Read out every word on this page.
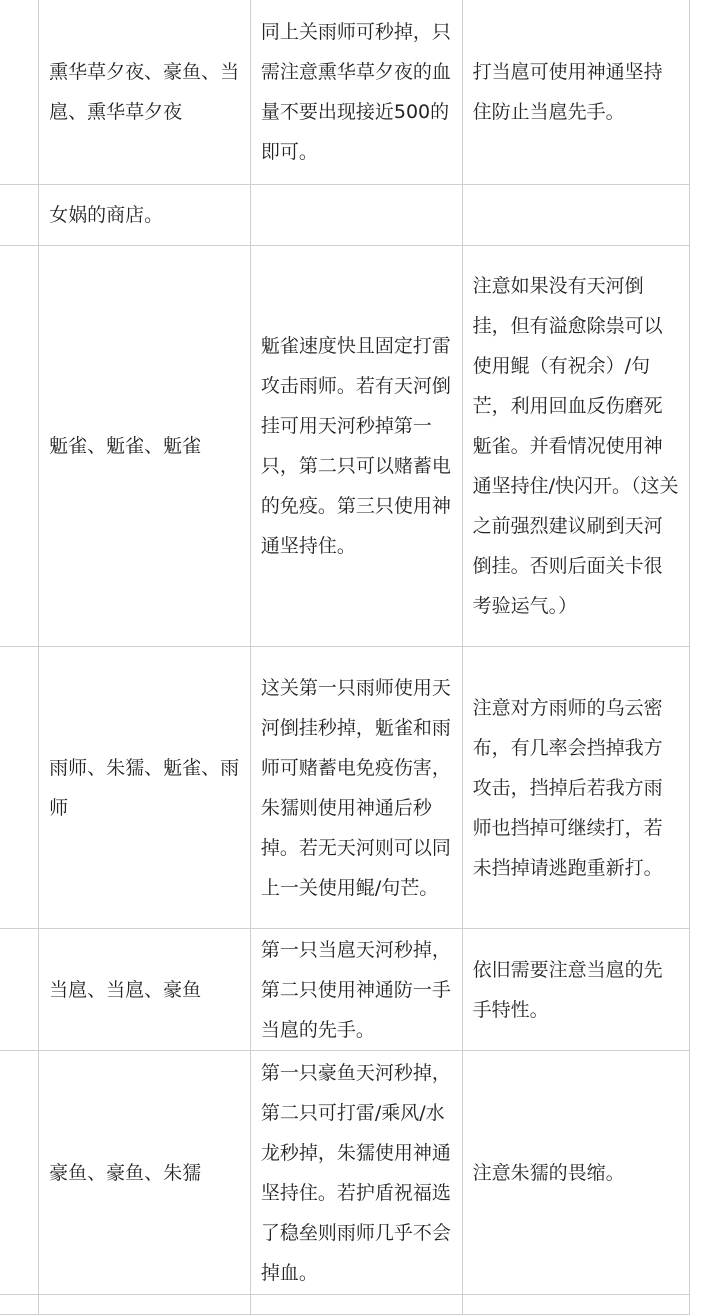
	熏华草夕夜、豪鱼、当扈、熏华草夕夜	同上关雨师可秒掉，只需注意熏华草夕夜的血量不要出现接近500的即可。	打当扈可使用神通坚持住防止当扈先手。
	女娲的商店。		
	鬿雀、鬿雀、鬿雀	鬿雀速度快且固定打雷攻击雨师。若有天河倒挂可用天河秒掉第一只，第二只可以赌蓄电的免疫。第三只使用神通坚持住。	注意如果没有天河倒挂，但有溢愈除祟可以使用鲲（有祝余）/句芒，利用回血反伤磨死鬿雀。并看情况使用神通坚持住/快闪开。（这关之前强烈建议刷到天河倒挂。否则后面关卡很考验运气。）
	雨师、朱獳、鬿雀、雨师	这关第一只雨师使用天河倒挂秒掉，鬿雀和雨师可赌蓄电免疫伤害，朱獳则使用神通后秒掉。若无天河则可以同上一关使用鲲/句芒。	注意对方雨师的乌云密布，有几率会挡掉我方攻击，挡掉后若我方雨师也挡掉可继续打，若未挡掉请逃跑重新打。
	当扈、当扈、豪鱼	第一只当扈天河秒掉，第二只使用神通防一手当扈的先手。	依旧需要注意当扈的先手特性。
	豪鱼、豪鱼、朱獳	第一只豪鱼天河秒掉，第二只可打雷/乘风/水龙秒掉，朱獳使用神通坚持住。若护盾祝福选了稳垒则雨师几乎不会掉血。	注意朱獳的畏缩。
